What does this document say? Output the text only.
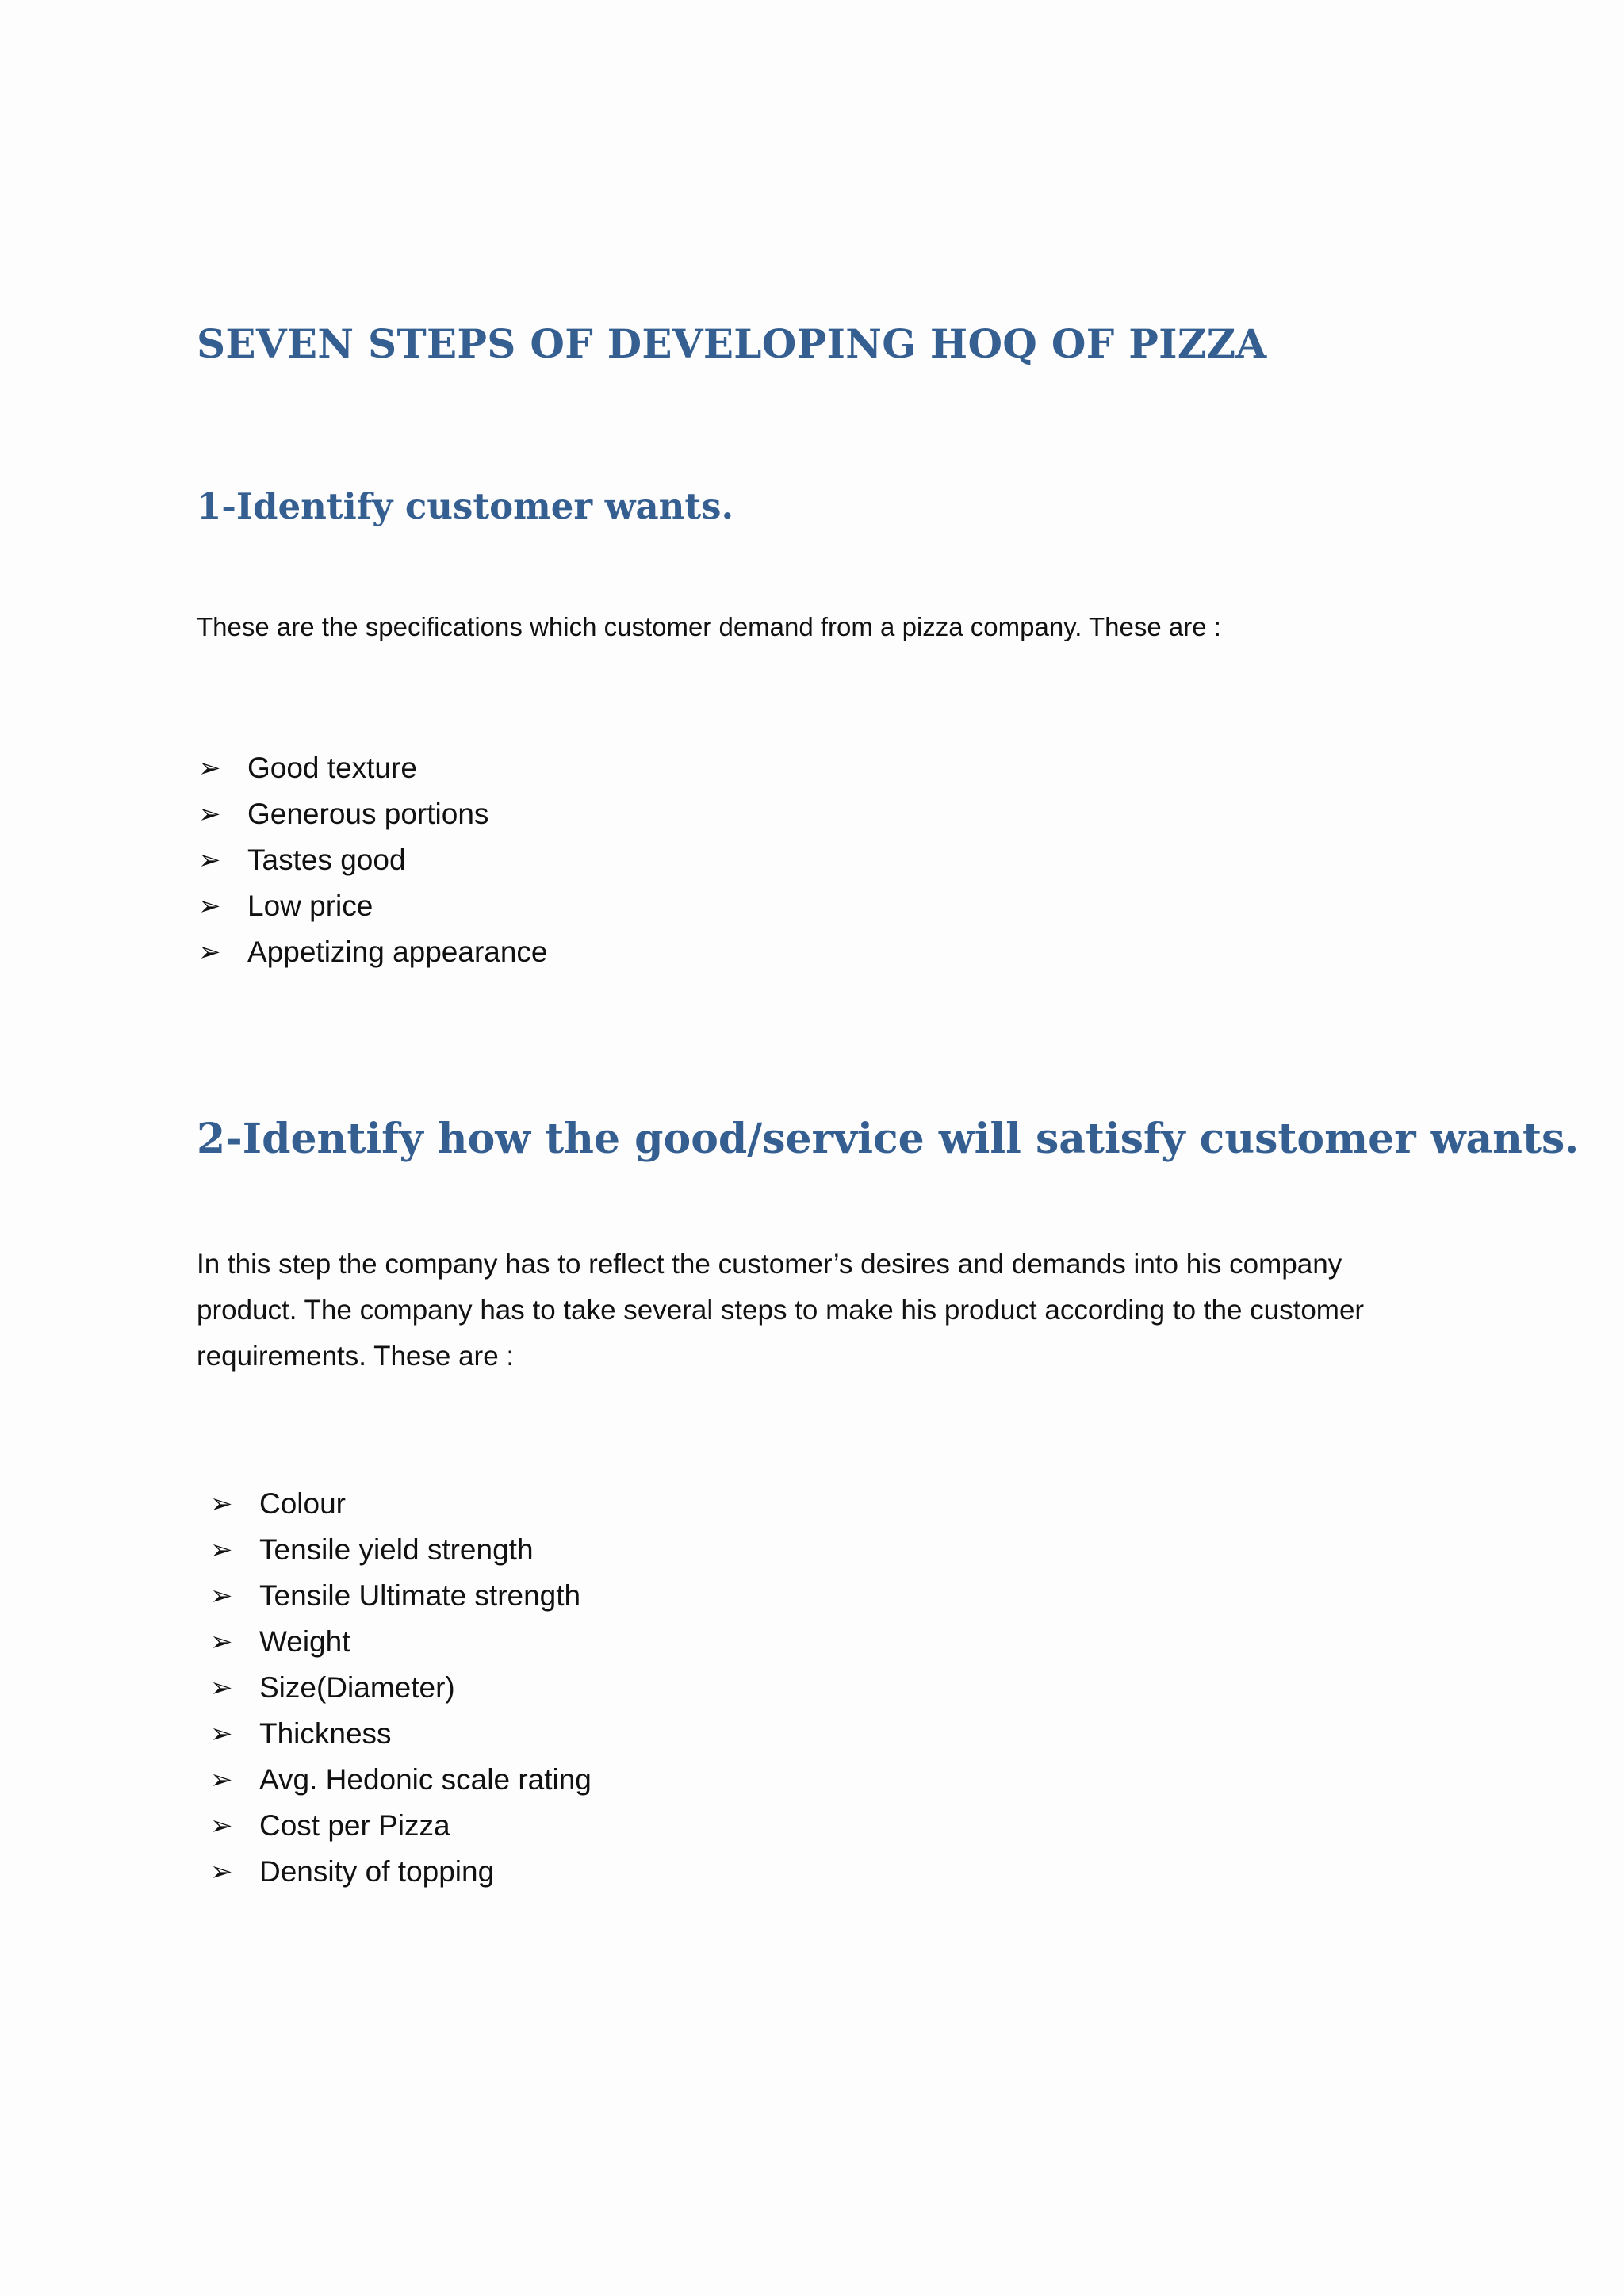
SEVEN STEPS OF DEVELOPING HOQ OF PIZZA
1-Identify customer wants.

These are the specifications which customer demand from a pizza company. These are :

➢ Good texture
➢ Generous portions
➢ Tastes good
➢ Low price
➢ Appetizing appearance
2-Identify how the good/service will satisfy customer wants.

In this step the company has to reflect the customer’s desires and demands into his company product. The company has to take several steps to make his product according to the customer requirements. These are :

➢ Colour
➢ Tensile yield strength
➢ Tensile Ultimate strength
➢ Weight
➢ Size(Diameter)
➢ Thickness
➢ Avg. Hedonic scale rating
➢ Cost per Pizza
➢ Density of topping
